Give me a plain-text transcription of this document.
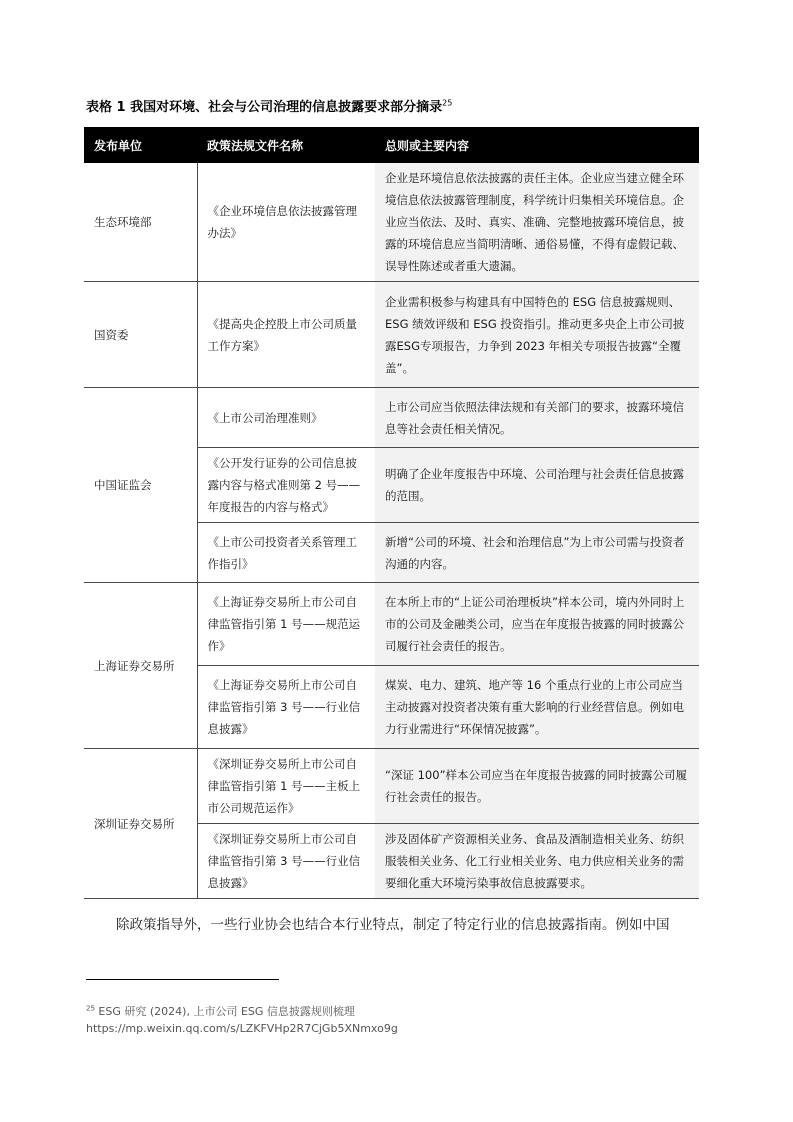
表格 1 我国对环境、社会与公司治理的信息披露要求部分摘录$^{25}$
发布单位	政策法规文件名称	总则或主要内容
生态环境部	《企业环境信息依法披露管理办法》	企业是环境信息依法披露的责任主体。企业应当建立健全环境信息依法披露管理制度，科学统计归集相关环境信息。企业应当依法、及时、真实、准确、完整地披露环境信息，披露的环境信息应当简明清晰、通俗易懂，不得有虚假记载、误导性陈述或者重大遗漏。
国资委	《提高央企控股上市公司质量工作方案》	企业需积极参与构建具有中国特色的 ESG 信息披露规则、ESG 绩效评级和 ESG 投资指引。推动更多央企上市公司披露ESG专项报告，力争到 2023 年相关专项报告披露“全覆盖”。
中国证监会	《上市公司治理准则》	上市公司应当依照法律法规和有关部门的要求，披露环境信息等社会责任相关情况。
	《公开发行证券的公司信息披露内容与格式准则第 2 号——年度报告的内容与格式》	明确了企业年度报告中环境、公司治理与社会责任信息披露的范围。
	《上市公司投资者关系管理工作指引》	新增“公司的环境、社会和治理信息”为上市公司需与投资者沟通的内容。
上海证券交易所	《上海证券交易所上市公司自律监管指引第 1 号——规范运作》	在本所上市的“上证公司治理板块”样本公司，境内外同时上市的公司及金融类公司，应当在年度报告披露的同时披露公司履行社会责任的报告。
	《上海证券交易所上市公司自律监管指引第 3 号——行业信息披露》	煤炭、电力、建筑、地产等 16 个重点行业的上市公司应当主动披露对投资者决策有重大影响的行业经营信息。例如电力行业需进行“环保情况披露”。
深圳证券交易所	《深圳证券交易所上市公司自律监管指引第 1 号——主板上市公司规范运作》	“深证 100”样本公司应当在年度报告披露的同时披露公司履行社会责任的报告。
	《深圳证券交易所上市公司自律监管指引第 3 号——行业信息披露》	涉及固体矿产资源相关业务、食品及酒制造相关业务、纺织服装相关业务、化工行业相关业务、电力供应相关业务的需要细化重大环境污染事故信息披露要求。
除政策指导外，一些行业协会也结合本行业特点，制定了特定行业的信息披露指南。例如中国
$^{25}$ ESG 研究 (2024), 上市公司 ESG 信息披露规则梳理
https://mp.weixin.qq.com/s/LZKFVHp2R7CjGb5XNmxo9g
